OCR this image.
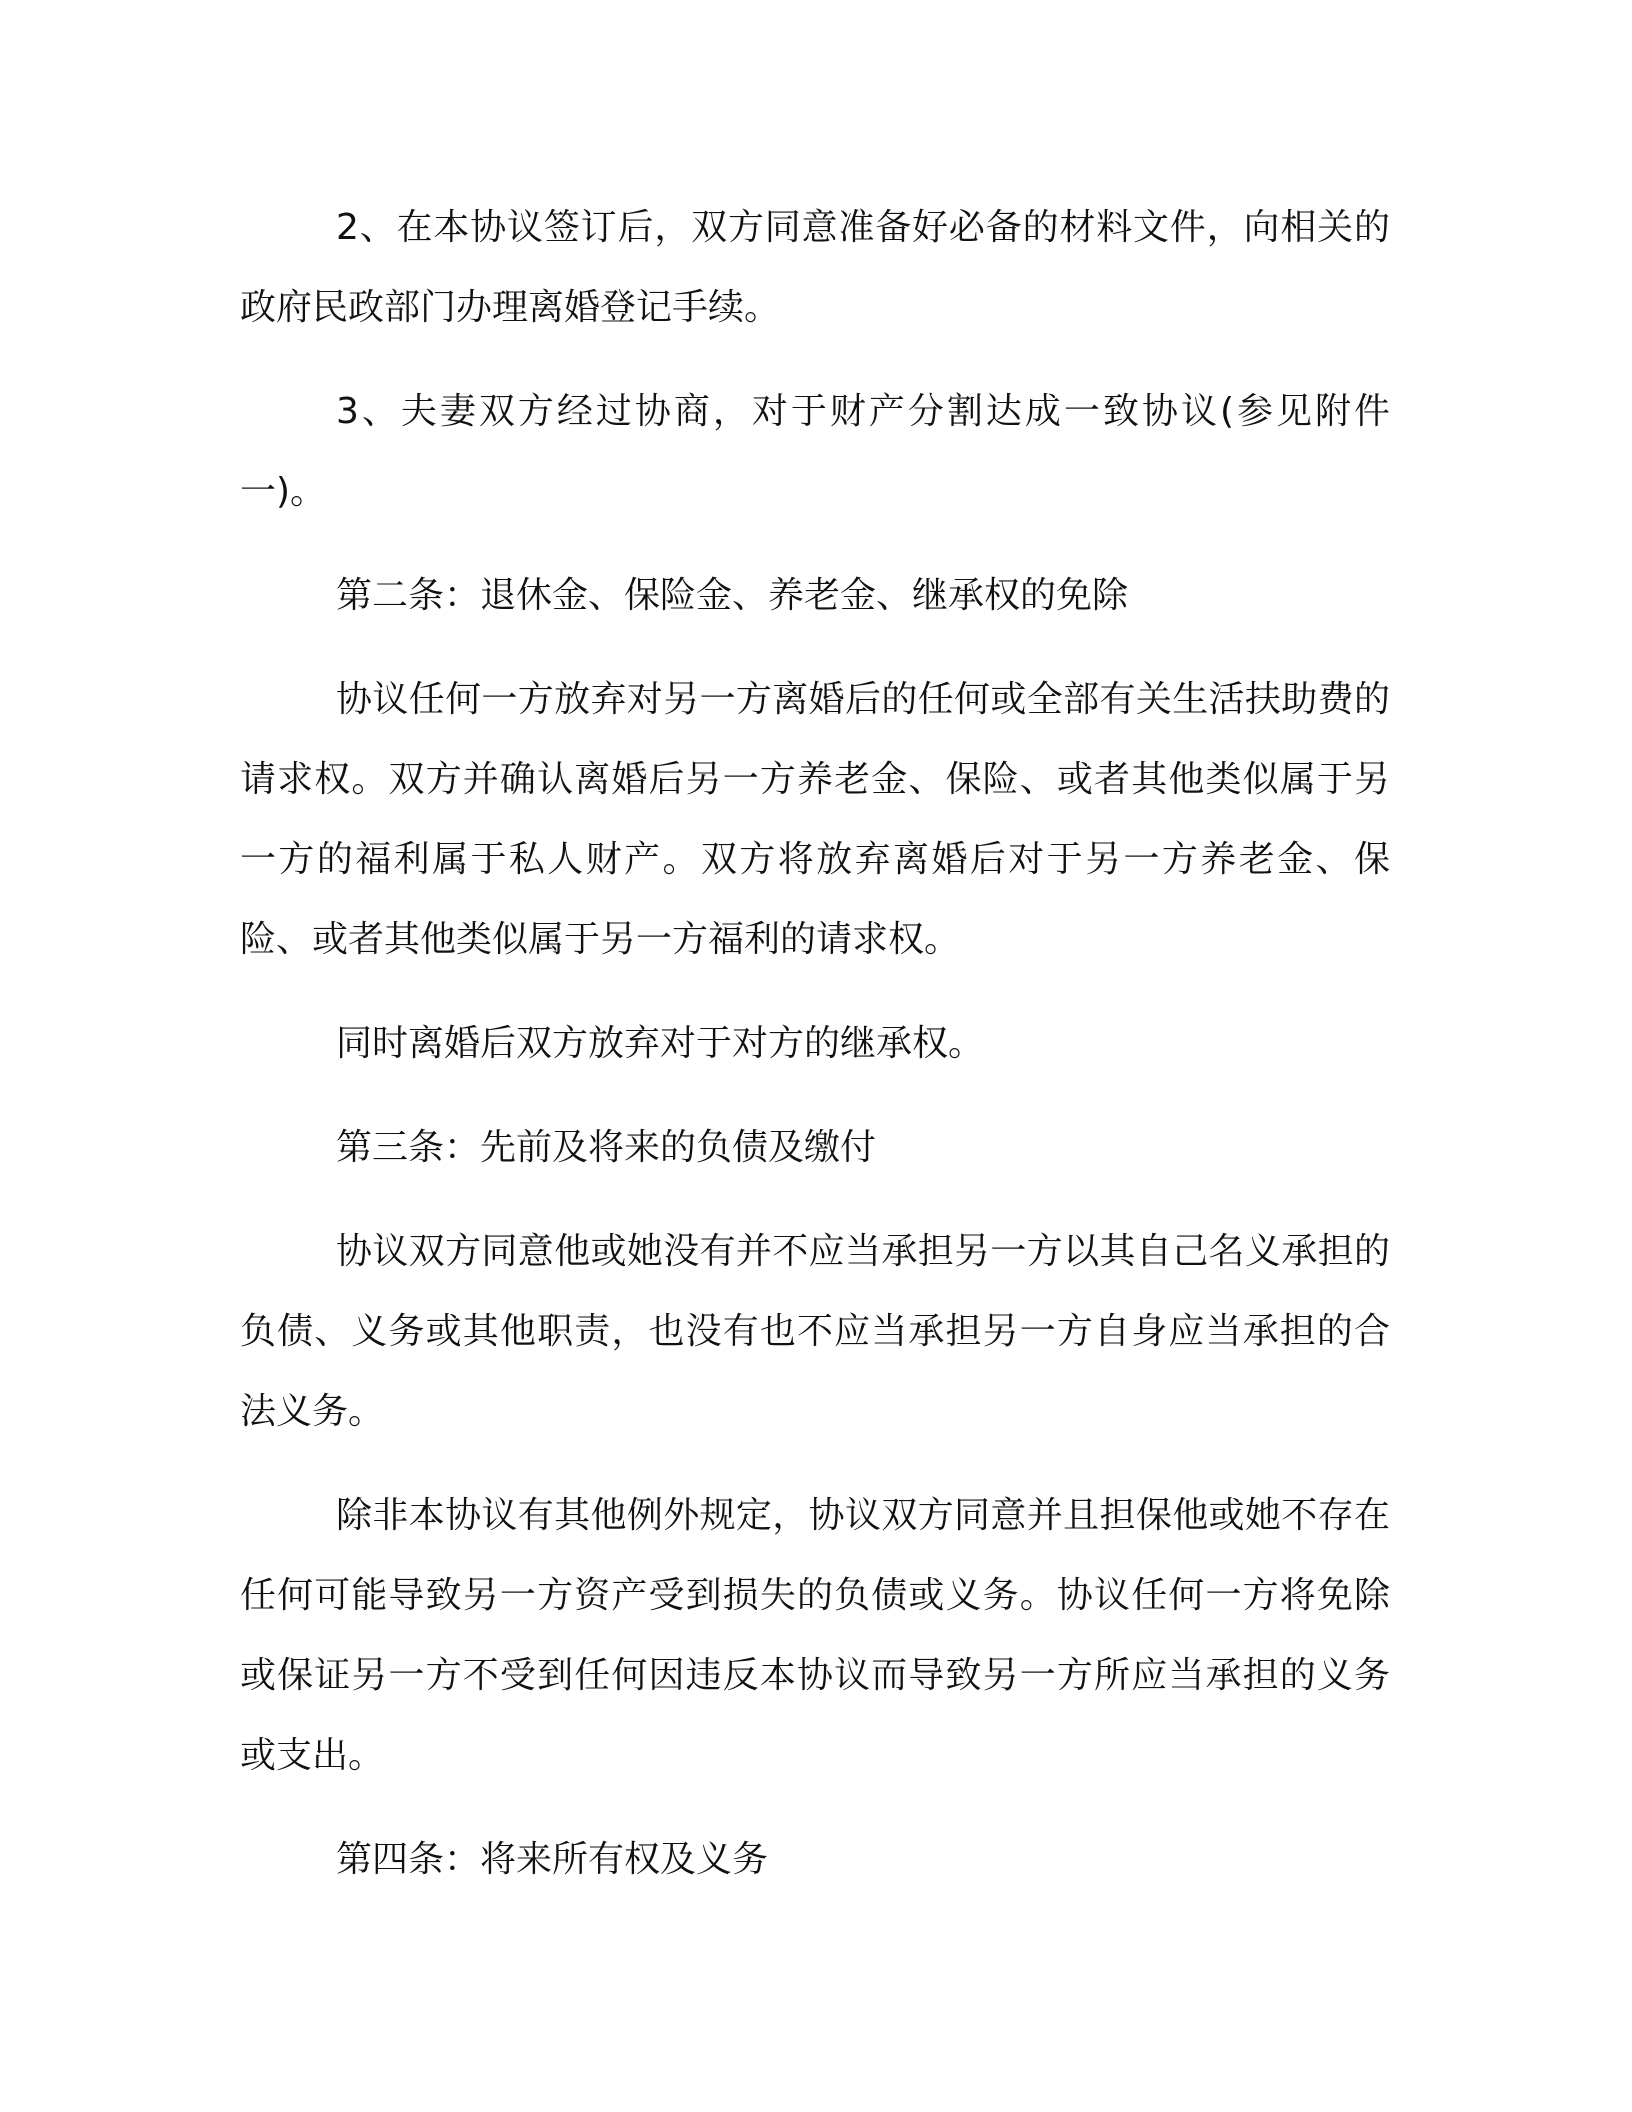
2、在本协议签订后，双方同意准备好必备的材料文件，向相关的政府民政部门办理离婚登记手续。

3、夫妻双方经过协商，对于财产分割达成一致协议(参见附件一)。

第二条：退休金、保险金、养老金、继承权的免除

协议任何一方放弃对另一方离婚后的任何或全部有关生活扶助费的请求权。双方并确认离婚后另一方养老金、保险、或者其他类似属于另一方的福利属于私人财产。双方将放弃离婚后对于另一方养老金、保险、或者其他类似属于另一方福利的请求权。

同时离婚后双方放弃对于对方的继承权。

第三条：先前及将来的负债及缴付

协议双方同意他或她没有并不应当承担另一方以其自己名义承担的负债、义务或其他职责，也没有也不应当承担另一方自身应当承担的合法义务。

除非本协议有其他例外规定，协议双方同意并且担保他或她不存在任何可能导致另一方资产受到损失的负债或义务。协议任何一方将免除或保证另一方不受到任何因违反本协议而导致另一方所应当承担的义务或支出。

第四条：将来所有权及义务
